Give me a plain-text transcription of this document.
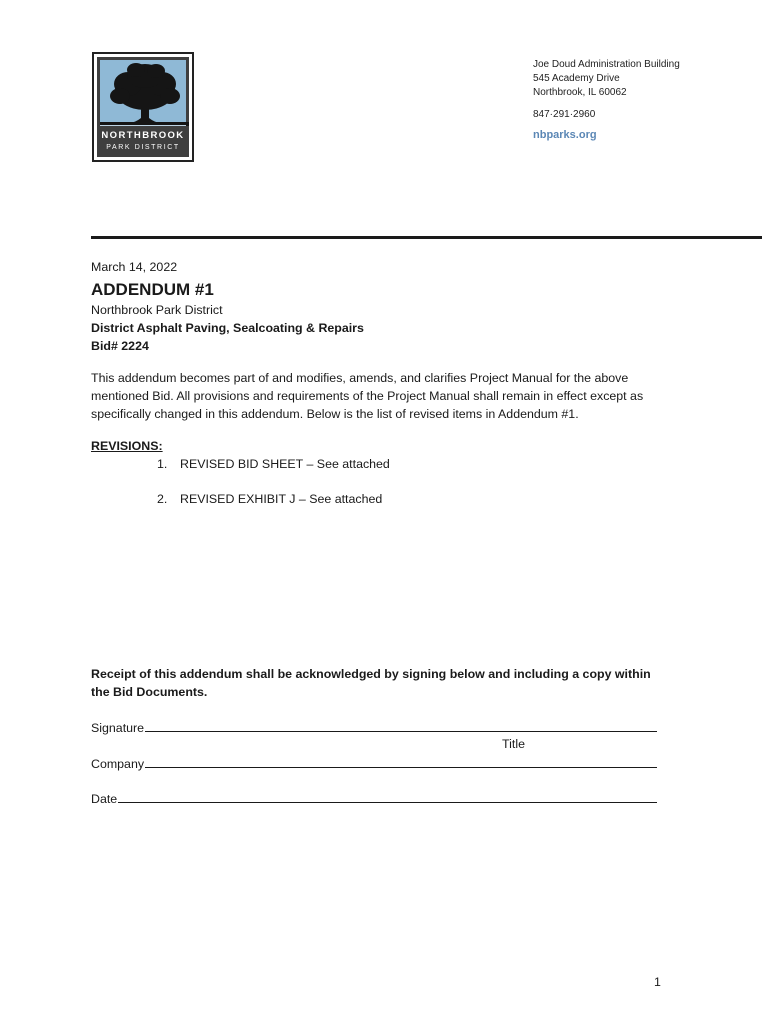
NORTHBROOK
PARK DISTRICT
Joe Doud Administration Building
545 Academy Drive
Northbrook, IL 60062
847·291·2960
nbparks.org
March 14, 2022
ADDENDUM #1
Northbrook Park District
District Asphalt Paving, Sealcoating & Repairs
Bid# 2224
This addendum becomes part of and modifies, amends, and clarifies Project Manual for the above mentioned Bid. All provisions and requirements of the Project Manual shall remain in effect except as specifically changed in this addendum. Below is the list of revised items in Addendum #1.
REVISIONS:
1. REVISED BID SHEET – See attached
2. REVISED EXHIBIT J – See attached
Receipt of this addendum shall be acknowledged by signing below and including a copy within the Bid Documents.
Signature
Title
Company
Date
1
